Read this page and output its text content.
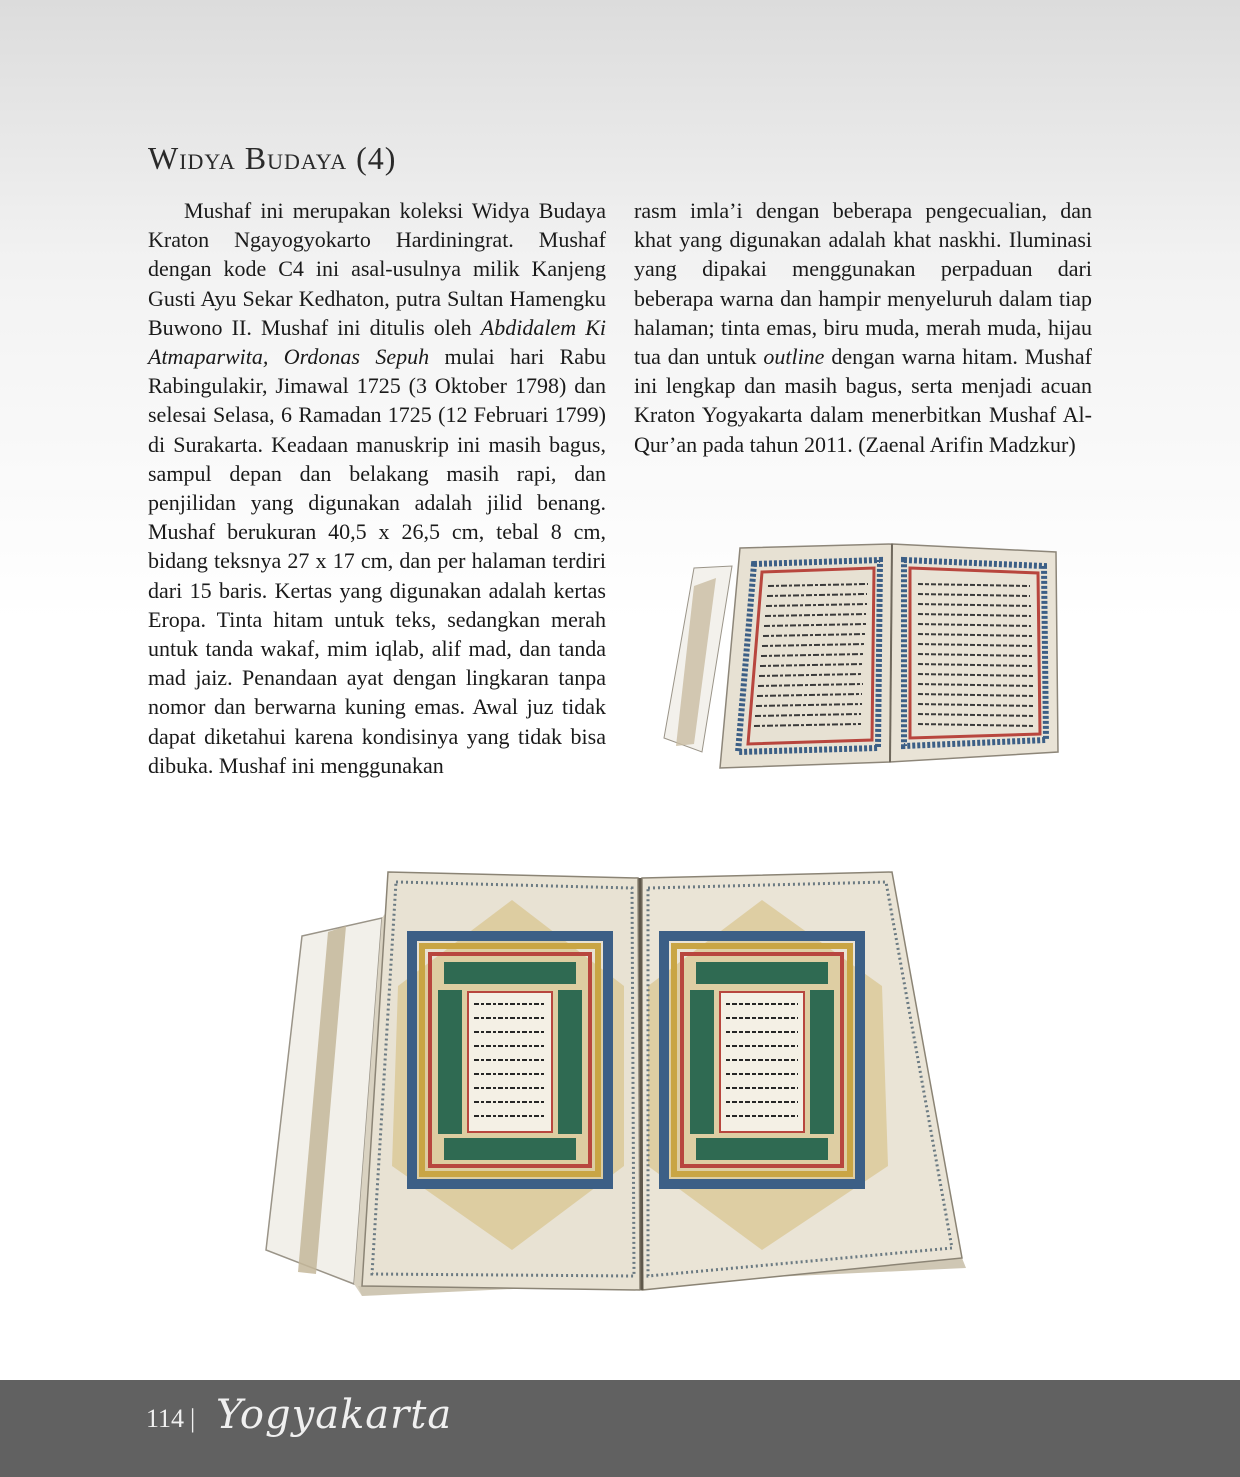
Widya Budaya (4)

Mushaf ini merupakan koleksi Widya Budaya Kraton Ngayogyokarto Hardiningrat. Mushaf dengan kode C4 ini asal-usulnya milik Kanjeng Gusti Ayu Sekar Kedhaton, putra Sultan Hamengku Buwono II. Mushaf ini ditulis oleh Abdidalem Ki Atmaparwita, Ordonas Sepuh mulai hari Rabu Rabingulakir, Jimawal 1725 (3 Oktober 1798) dan selesai Selasa, 6 Ramadan 1725 (12 Februari 1799) di Surakarta. Keadaan manuskrip ini masih bagus, sampul depan dan belakang masih rapi, dan penjilidan yang digunakan adalah jilid benang. Mushaf berukuran 40,5 x 26,5 cm, tebal 8 cm, bidang teksnya 27 x 17 cm, dan per halaman terdiri dari 15 baris. Kertas yang digunakan adalah kertas Eropa. Tinta hitam untuk teks, sedangkan merah untuk tanda wakaf, mim iqlab, alif mad, dan tanda mad jaiz. Penandaan ayat dengan lingkaran tanpa nomor dan berwarna kuning emas. Awal juz tidak dapat diketahui karena kondisinya yang tidak bisa dibuka. Mushaf ini menggunakan

rasm imla’i dengan beberapa pengecualian, dan khat yang digunakan adalah khat naskhi. Iluminasi yang dipakai menggunakan perpaduan dari beberapa warna dan hampir menyeluruh dalam tiap halaman; tinta emas, biru muda, merah muda, hijau tua dan untuk outline dengan warna hitam. Mushaf ini lengkap dan masih bagus, serta menjadi acuan Kraton Yogyakarta dalam menerbitkan Mushaf Al-Qur’an pada tahun 2011. (Zaenal Arifin Madzkur)

114 | Yogyakarta
